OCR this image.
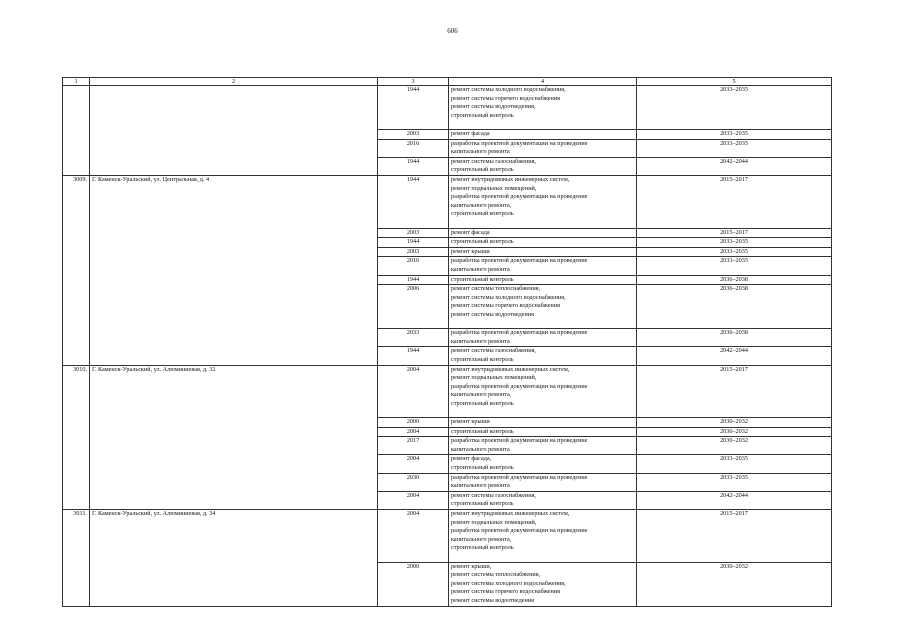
606
1	2	3	4	5
		1944	ремонт системы холодного водоснабжения,
ремонт системы горячего водоснабжения
ремонт системы водоотведения,
строительный контроль	2033–2035
		2003	ремонт фасада	2033–2035
		2016	разработка проектной документации на проведение
капитального ремонта	2033–2035
		1944	ремонт системы газоснабжения,
строительный контроль	2042–2044
3009.	Г. Каменск-Уральский, ул. Центральная, д. 4	1944	ремонт внутридомовых инженерных систем,
ремонт подвальных помещений,
разработка проектной документации на проведение
капитального ремонта,
строительный контроль	2015–2017
		2003	ремонт фасада	2015–2017
		1944	строительный контроль	2033–2035
		2003	ремонт крыши	2033–2035
		2016	разработка проектной документации на проведение
капитального ремонта	2033–2035
		1944	строительный контроль	2036–2038
		2006	ремонт системы теплоснабжения,
ремонт системы холодного водоснабжения,
ремонт системы горячего водоснабжения
ремонт системы водоотведения	2036–2038
		2033	разработка проектной документации на проведение
капитального ремонта	2036–2038
		1944	ремонт системы газоснабжения,
строительный контроль	2042–2044
3010.	Г. Каменск-Уральский, ул. Алюминиевая, д. 32	2004	ремонт внутридомовых инженерных систем,
ремонт подвальных помещений,
разработка проектной документации на проведение
капитального ремонта,
строительный контроль	2015–2017
		2000	ремонт крыши	2030–2032
		2004	строительный контроль	2030–2032
		2017	разработка проектной документации на проведение
капитального ремонта	2030–2032
		2004	ремонт фасада,
строительный контроль	2033–2035
		2030	разработка проектной документации на проведение
капитального ремонта	2033–2035
		2004	ремонт системы газоснабжения,
строительный контроль	2042–2044
3011.	Г. Каменск-Уральский, ул. Алюминиевая, д. 34	2004	ремонт внутридомовых инженерных систем,
ремонт подвальных помещений,
разработка проектной документации на проведение
капитального ремонта,
строительный контроль	2015–2017
		2000	ремонт крыши,
ремонт системы теплоснабжения,
ремонт системы холодного водоснабжения,
ремонт системы горячего водоснабжения
ремонт системы водоотведения	2030–2032
